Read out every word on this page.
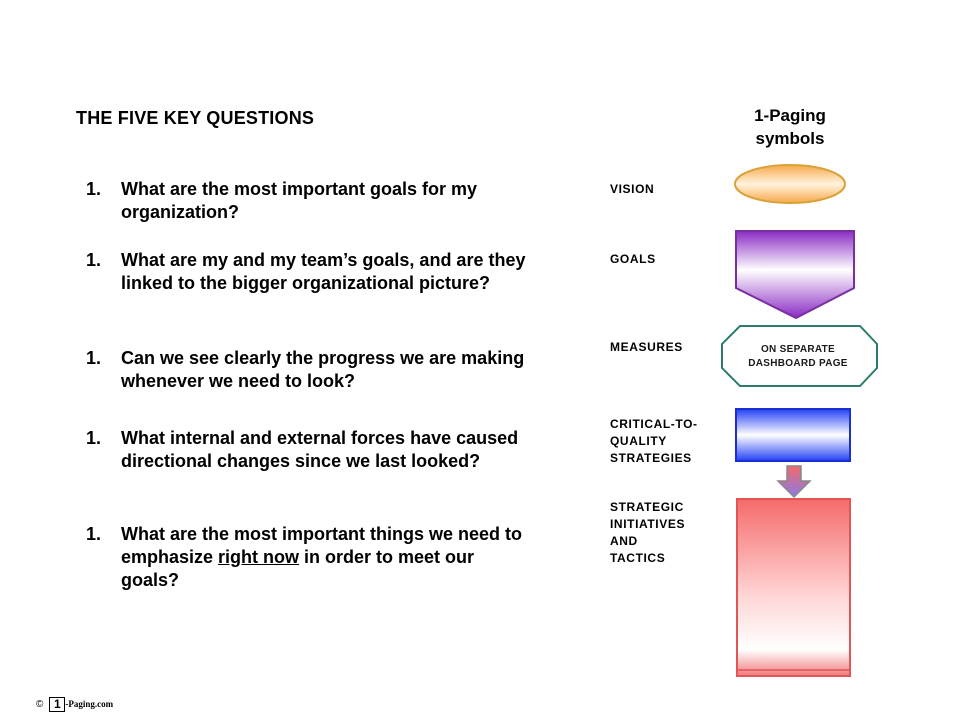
THE FIVE KEY QUESTIONS
1.	What are the most important goals for my organization?
1.	What are my and my team’s goals, and are they linked to the bigger organizational picture?
1.	Can we see clearly the progress we are making whenever we need to look?
1.	What internal and external forces have caused directional changes since we last looked?
1.	What are the most important things we need to emphasize right now in order to meet our goals?
1-Paging
symbols
VISION
GOALS
MEASURES
CRITICAL-TO-
QUALITY
STRATEGIES
STRATEGIC
INITIATIVES
AND
TACTICS
ON SEPARATE
DASHBOARD PAGE
© 1 -Paging.com
